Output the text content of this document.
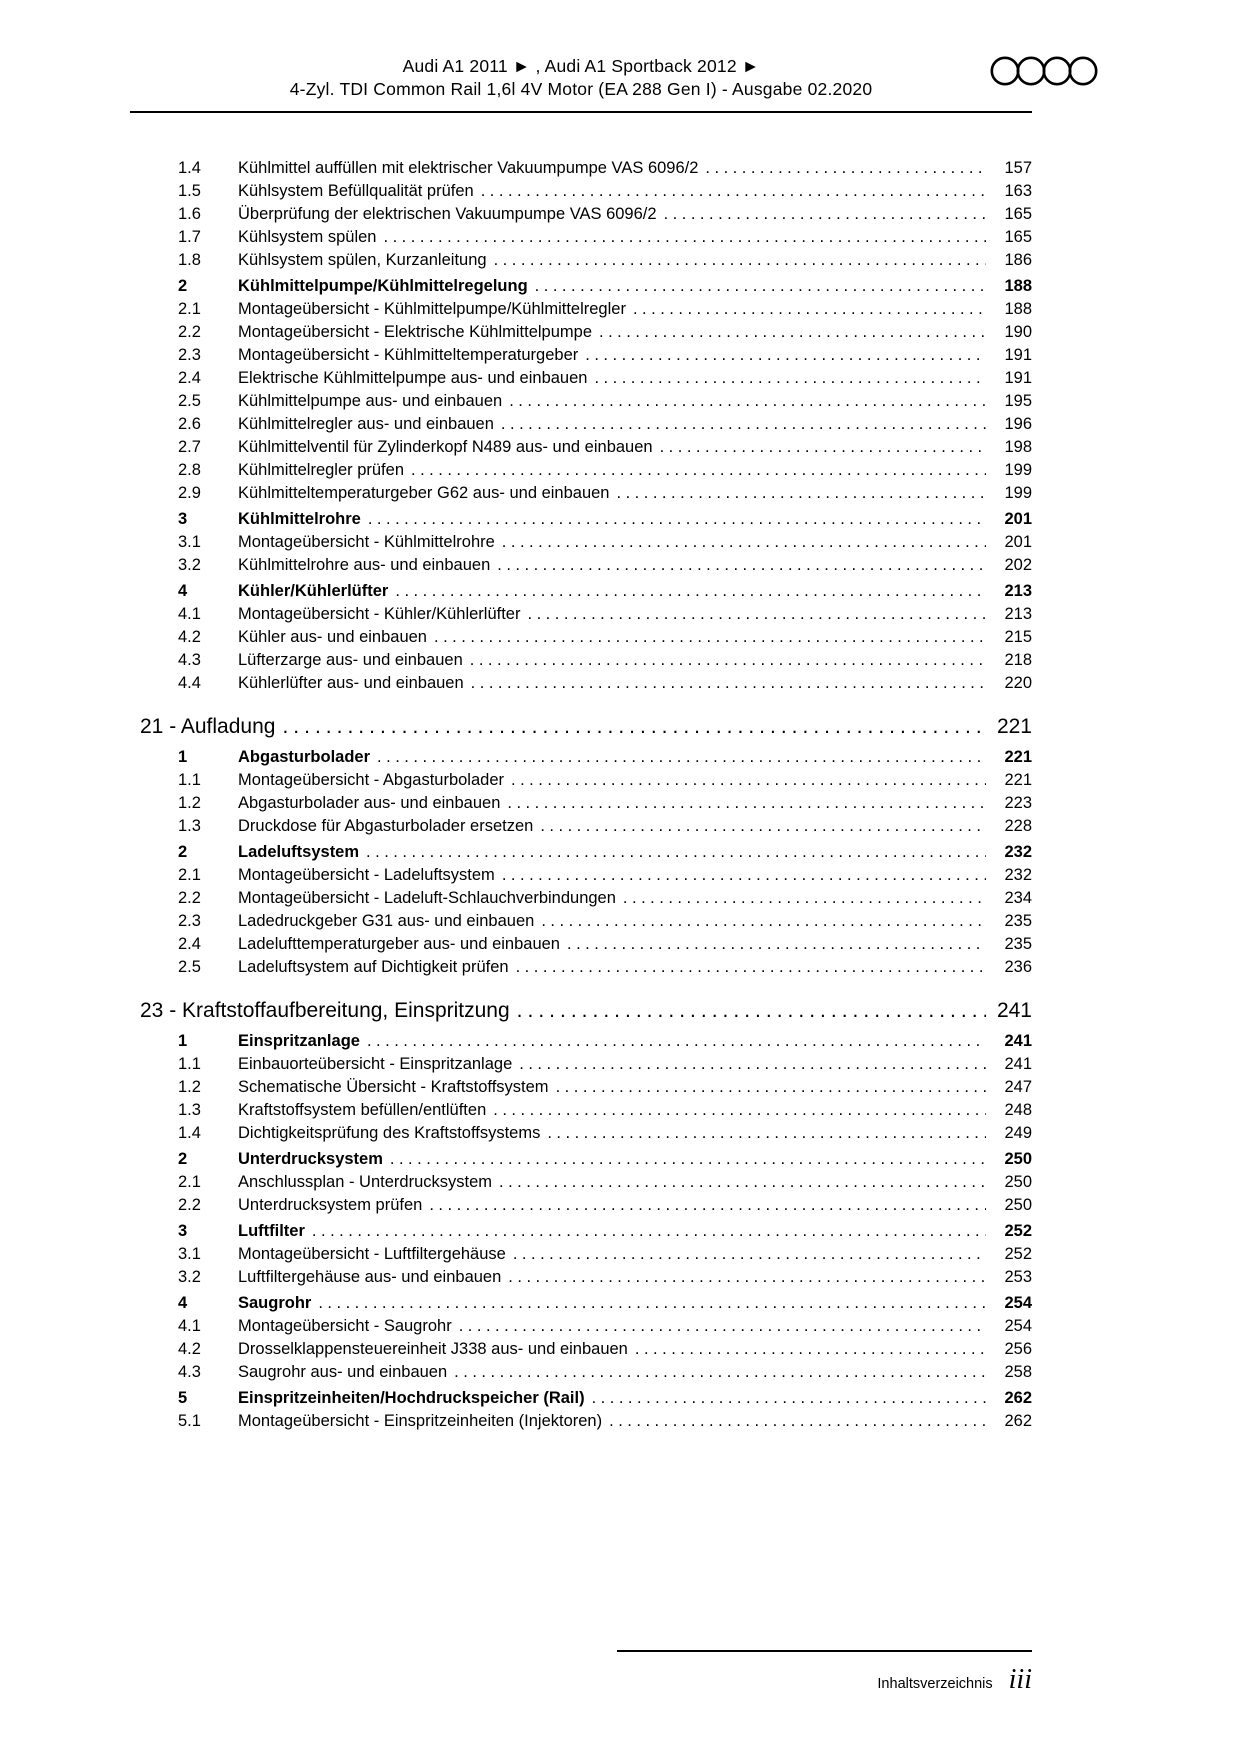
Audi A1 2011 ► , Audi A1 Sportback 2012 ►
4-Zyl. TDI Common Rail 1,6l 4V Motor (EA 288 Gen I) - Ausgabe 02.2020
1.4	Kühlmittel auffüllen mit elektrischer Vakuumpumpe VAS 6096/2 .....	157
1.5	Kühlsystem Befüllqualität prüfen .....	163
1.6	Überprüfung der elektrischen Vakuumpumpe VAS 6096/2 .....	165
1.7	Kühlsystem spülen .....	165
1.8	Kühlsystem spülen, Kurzanleitung .....	186
2	Kühlmittelpumpe/Kühlmittelregelung .....	188
2.1	Montageübersicht - Kühlmittelpumpe/Kühlmittelregler .....	188
2.2	Montageübersicht - Elektrische Kühlmittelpumpe .....	190
2.3	Montageübersicht - Kühlmitteltemperaturgeber .....	191
2.4	Elektrische Kühlmittelpumpe aus- und einbauen .....	191
2.5	Kühlmittelpumpe aus- und einbauen .....	195
2.6	Kühlmittelregler aus- und einbauen .....	196
2.7	Kühlmittelventil für Zylinderkopf N489 aus- und einbauen .....	198
2.8	Kühlmittelregler prüfen .....	199
2.9	Kühlmitteltemperaturgeber G62 aus- und einbauen .....	199
3	Kühlmittelrohre .....	201
3.1	Montageübersicht - Kühlmittelrohre .....	201
3.2	Kühlmittelrohre aus- und einbauen .....	202
4	Kühler/Kühlerlüfter .....	213
4.1	Montageübersicht - Kühler/Kühlerlüfter .....	213
4.2	Kühler aus- und einbauen .....	215
4.3	Lüfterzarge aus- und einbauen .....	218
4.4	Kühlerlüfter aus- und einbauen .....	220
21 - Aufladung .....	221
1	Abgasturbolader .....	221
1.1	Montageübersicht - Abgasturbolader .....	221
1.2	Abgasturbolader aus- und einbauen .....	223
1.3	Druckdose für Abgasturbolader ersetzen .....	228
2	Ladeluftsystem .....	232
2.1	Montageübersicht - Ladeluftsystem .....	232
2.2	Montageübersicht - Ladeluft-Schlauchverbindungen .....	234
2.3	Ladedruckgeber G31 aus- und einbauen .....	235
2.4	Ladelufttemperaturgeber aus- und einbauen .....	235
2.5	Ladeluftsystem auf Dichtigkeit prüfen .....	236
23 - Kraftstoffaufbereitung, Einspritzung .....	241
1	Einspritzanlage .....	241
1.1	Einbauorteübersicht - Einspritzanlage .....	241
1.2	Schematische Übersicht - Kraftstoffsystem .....	247
1.3	Kraftstoffsystem befüllen/entlüften .....	248
1.4	Dichtigkeitsprüfung des Kraftstoffsystems .....	249
2	Unterdrucksystem .....	250
2.1	Anschlussplan - Unterdrucksystem .....	250
2.2	Unterdrucksystem prüfen .....	250
3	Luftfilter .....	252
3.1	Montageübersicht - Luftfiltergehäuse .....	252
3.2	Luftfiltergehäuse aus- und einbauen .....	253
4	Saugrohr .....	254
4.1	Montageübersicht - Saugrohr .....	254
4.2	Drosselklappensteuereinheit J338 aus- und einbauen .....	256
4.3	Saugrohr aus- und einbauen .....	258
5	Einspritzeinheiten/Hochdruckspeicher (Rail) .....	262
5.1	Montageübersicht - Einspritzeinheiten (Injektoren) .....	262
Inhaltsverzeichnis iii
